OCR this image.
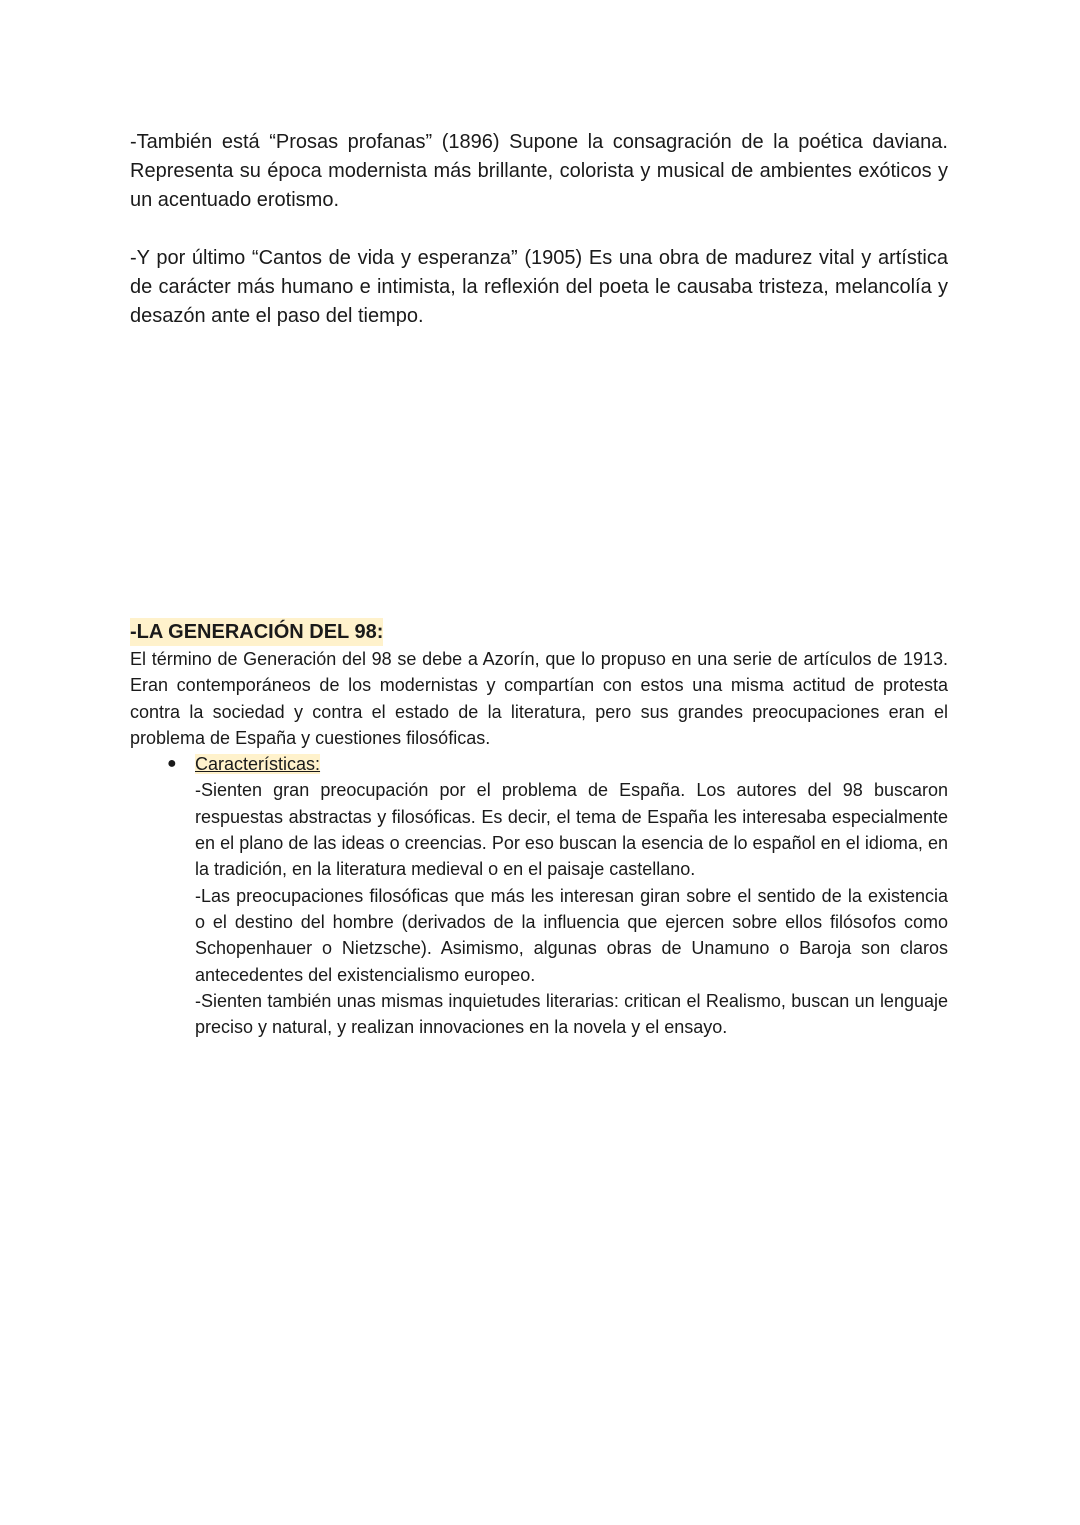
-También está “Prosas profanas” (1896) Supone la consagración de la poética daviana. Representa su época modernista más brillante, colorista y musical de ambientes exóticos y un acentuado erotismo.

-Y por último “Cantos de vida y esperanza” (1905) Es una obra de madurez vital y artística de carácter más humano e intimista, la reflexión del poeta le causaba tristeza, melancolía y desazón ante el paso del tiempo.

-LA GENERACIÓN DEL 98:

El término de Generación del 98 se debe a Azorín, que lo propuso en una serie de artículos de 1913. Eran contemporáneos de los modernistas y compartían con estos una misma actitud de protesta contra la sociedad y contra el estado de la literatura, pero sus grandes preocupaciones eran el problema de España y cuestiones filosóficas.

● Características:

-Sienten gran preocupación por el problema de España. Los autores del 98 buscaron respuestas abstractas y filosóficas. Es decir, el tema de España les interesaba especialmente en el plano de las ideas o creencias. Por eso buscan la esencia de lo español en el idioma, en la tradición, en la literatura medieval o en el paisaje castellano.

-Las preocupaciones filosóficas que más les interesan giran sobre el sentido de la existencia o el destino del hombre (derivados de la influencia que ejercen sobre ellos filósofos como Schopenhauer o Nietzsche). Asimismo, algunas obras de Unamuno o Baroja son claros antecedentes del existencialismo europeo.

-Sienten también unas mismas inquietudes literarias: critican el Realismo, buscan un lenguaje preciso y natural, y realizan innovaciones en la novela y el ensayo.
